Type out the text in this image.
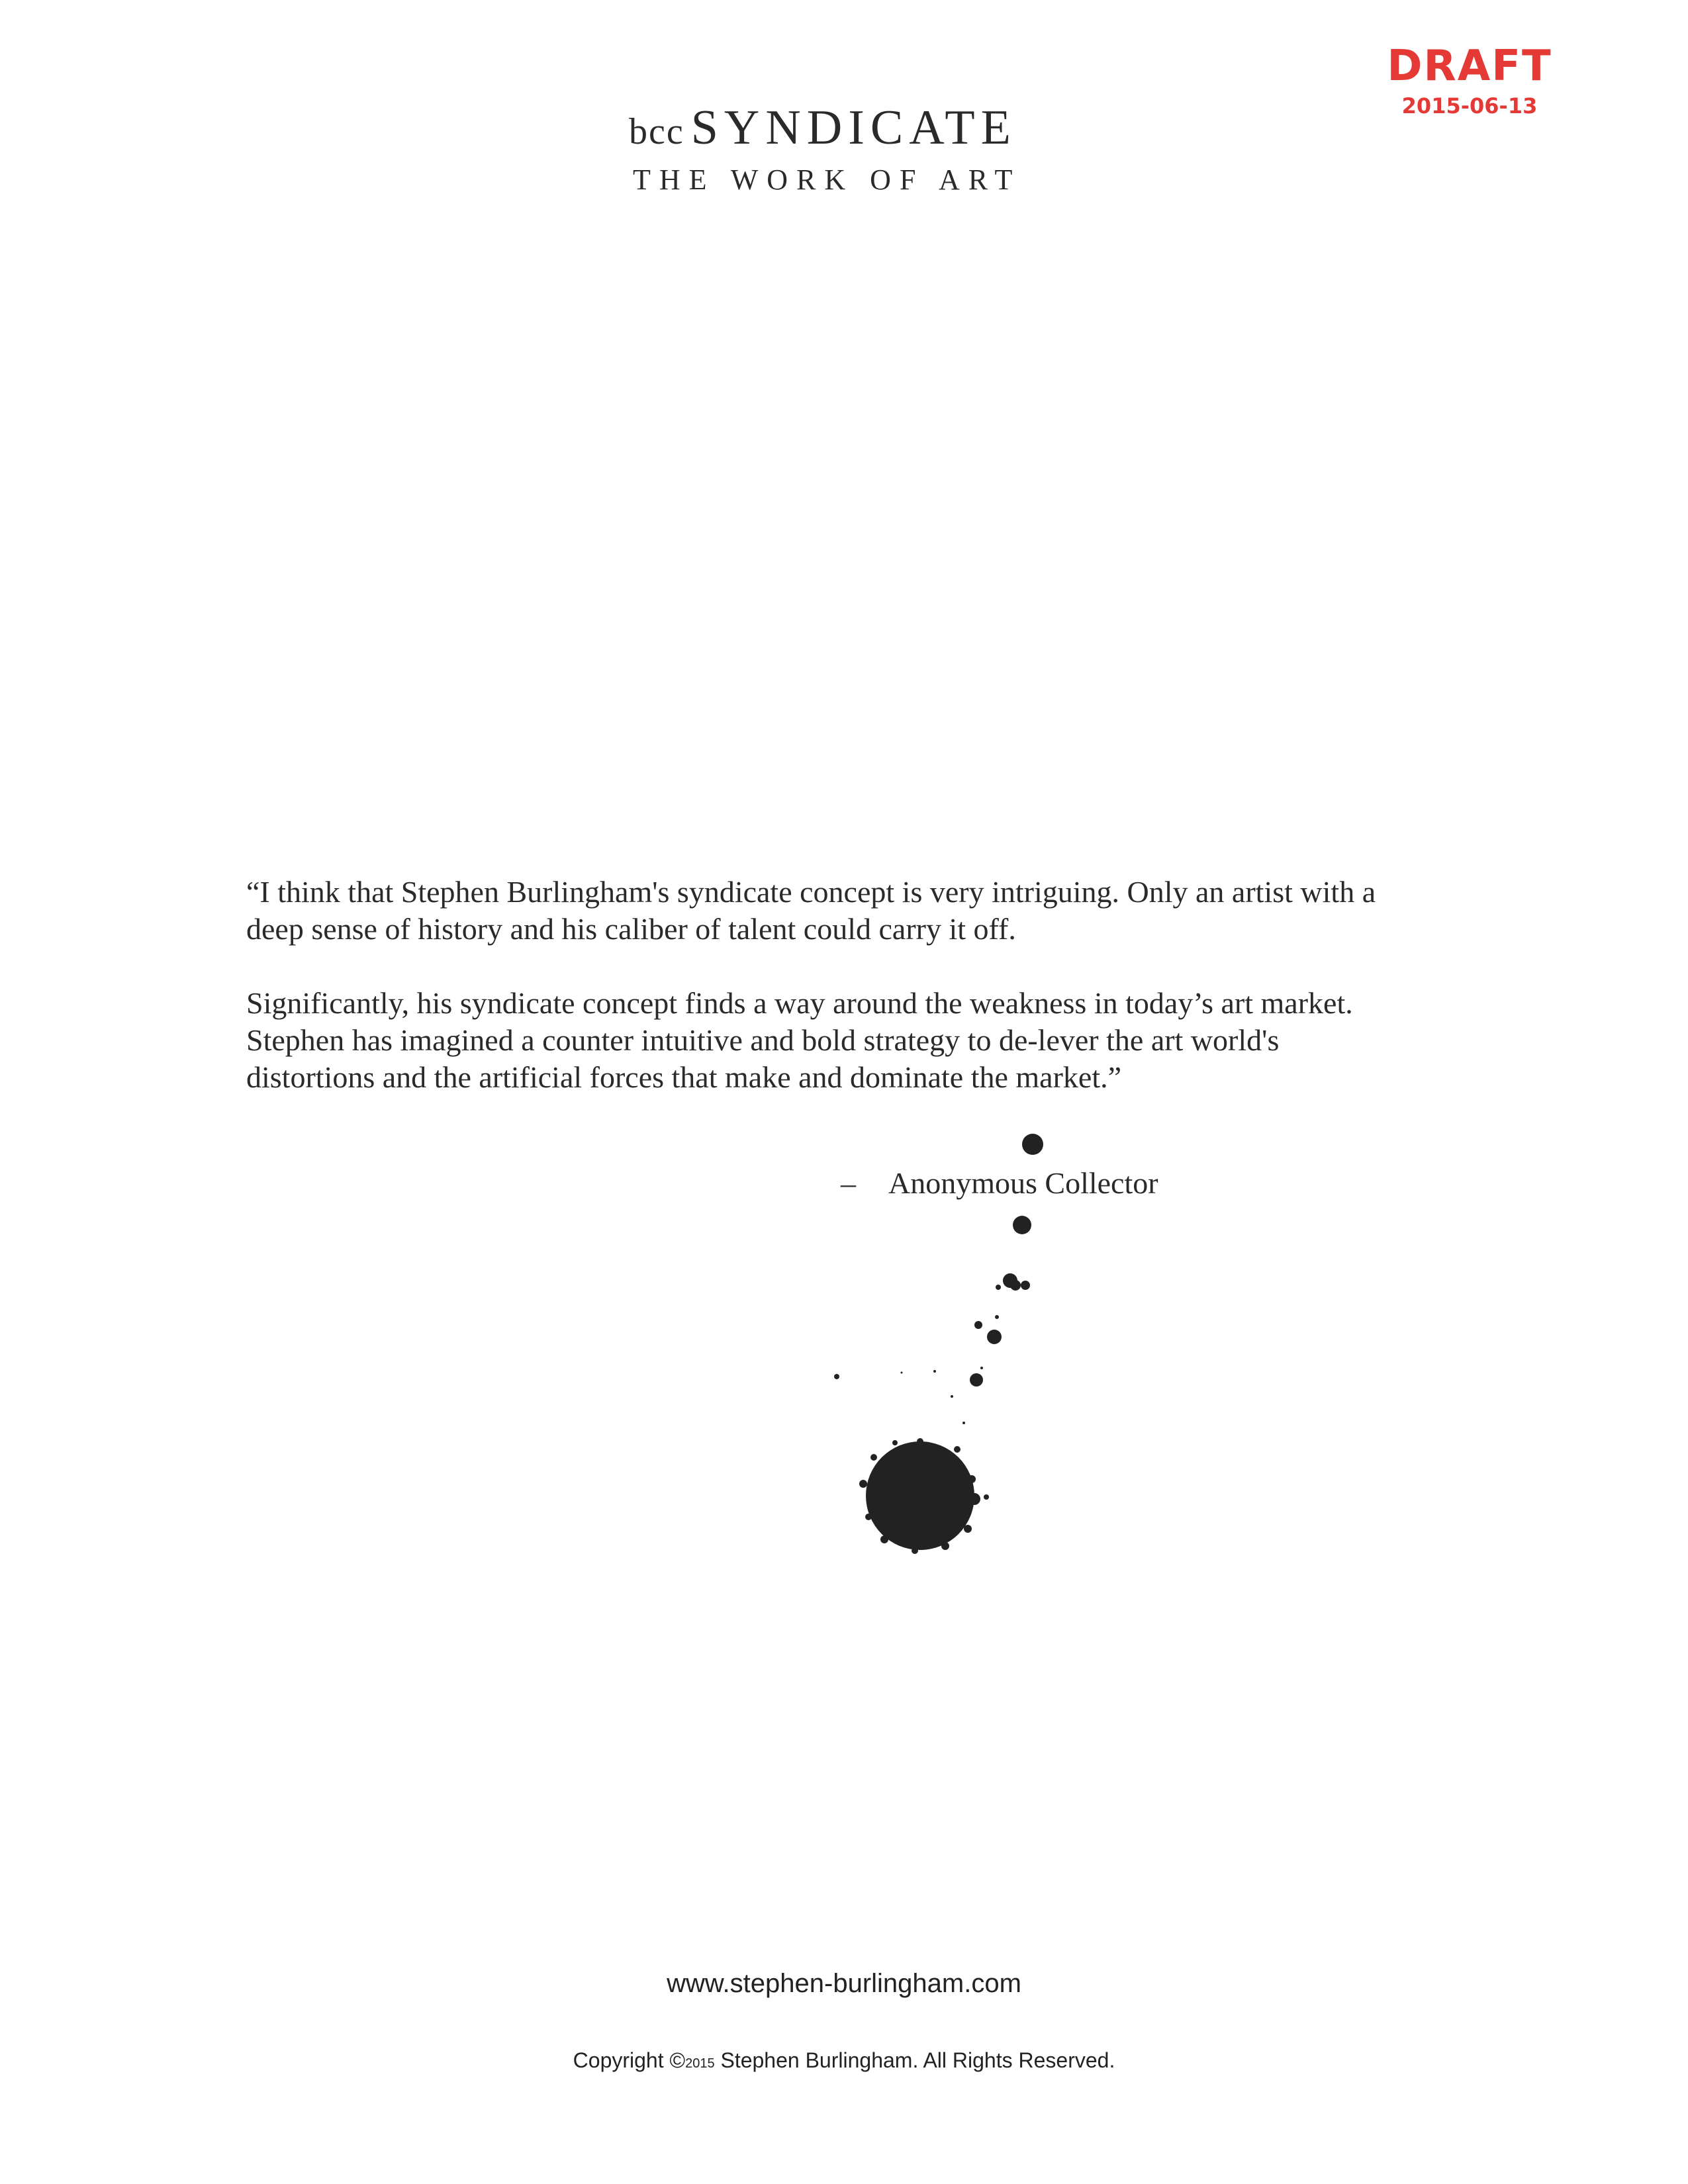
DRAFT
2015-06-13
bcc SYNDICATE
THE WORK OF ART

“I think that Stephen Burlingham's syndicate concept is very intriguing. Only an artist with a
deep sense of history and his caliber of talent could carry it off.

Significantly, his syndicate concept finds a way around the weakness in today’s art market.
Stephen has imagined a counter intuitive and bold strategy to de-lever the art world's
distortions and the artificial forces that make and dominate the market.”

– Anonymous Collector
www.stephen-burlingham.com
Copyright ©2015 Stephen Burlingham. All Rights Reserved.
